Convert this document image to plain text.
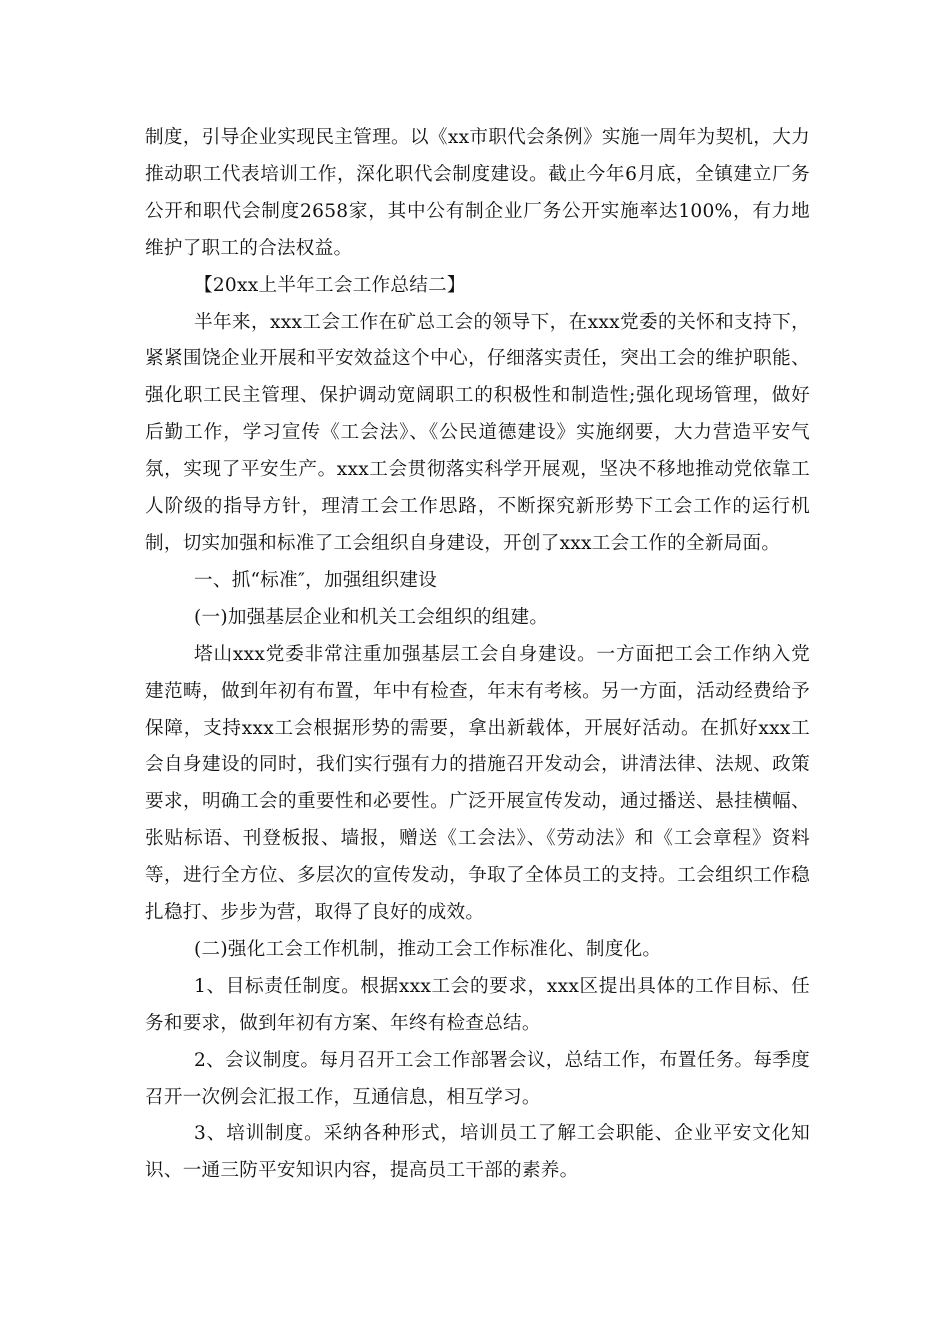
制度，引导企业实现民主管理。以《xx市职代会条例》实施一周年为契机，大力推动职工代表培训工作，深化职代会制度建设。截止今年6月底，全镇建立厂务公开和职代会制度2658家，其中公有制企业厂务公开实施率达100%，有力地维护了职工的合法权益。

【20xx上半年工会工作总结二】

半年来，xxx工会工作在矿总工会的领导下，在xxx党委的关怀和支持下，紧紧围饶企业开展和平安效益这个中心，仔细落实责任，突出工会的维护职能、强化职工民主管理、保护调动宽阔职工的积极性和制造性;强化现场管理，做好后勤工作，学习宣传《工会法》、《公民道德建设》实施纲要，大力营造平安气氛，实现了平安生产。xxx工会贯彻落实科学开展观，坚决不移地推动党依靠工人阶级的指导方针，理清工会工作思路，不断探究新形势下工会工作的运行机制，切实加强和标准了工会组织自身建设，开创了xxx工会工作的全新局面。

一、抓“标准″，加强组织建设

(一)加强基层企业和机关工会组织的组建。

塔山xxx党委非常注重加强基层工会自身建设。一方面把工会工作纳入党建范畴，做到年初有布置，年中有检查，年末有考核。另一方面，活动经费给予保障，支持xxx工会根据形势的需要，拿出新载体，开展好活动。在抓好xxx工会自身建设的同时，我们实行强有力的措施召开发动会，讲清法律、法规、政策要求，明确工会的重要性和必要性。广泛开展宣传发动，通过播送、悬挂横幅、张贴标语、刊登板报、墙报，赠送《工会法》、《劳动法》和《工会章程》资料等，进行全方位、多层次的宣传发动，争取了全体员工的支持。工会组织工作稳扎稳打、步步为营，取得了良好的成效。

(二)强化工会工作机制，推动工会工作标准化、制度化。

1、目标责任制度。根据xxx工会的要求，xxx区提出具体的工作目标、任务和要求，做到年初有方案、年终有检查总结。

2、会议制度。每月召开工会工作部署会议，总结工作，布置任务。每季度召开一次例会汇报工作，互通信息，相互学习。

3、培训制度。采纳各种形式，培训员工了解工会职能、企业平安文化知识、一通三防平安知识内容，提高员工干部的素养。
